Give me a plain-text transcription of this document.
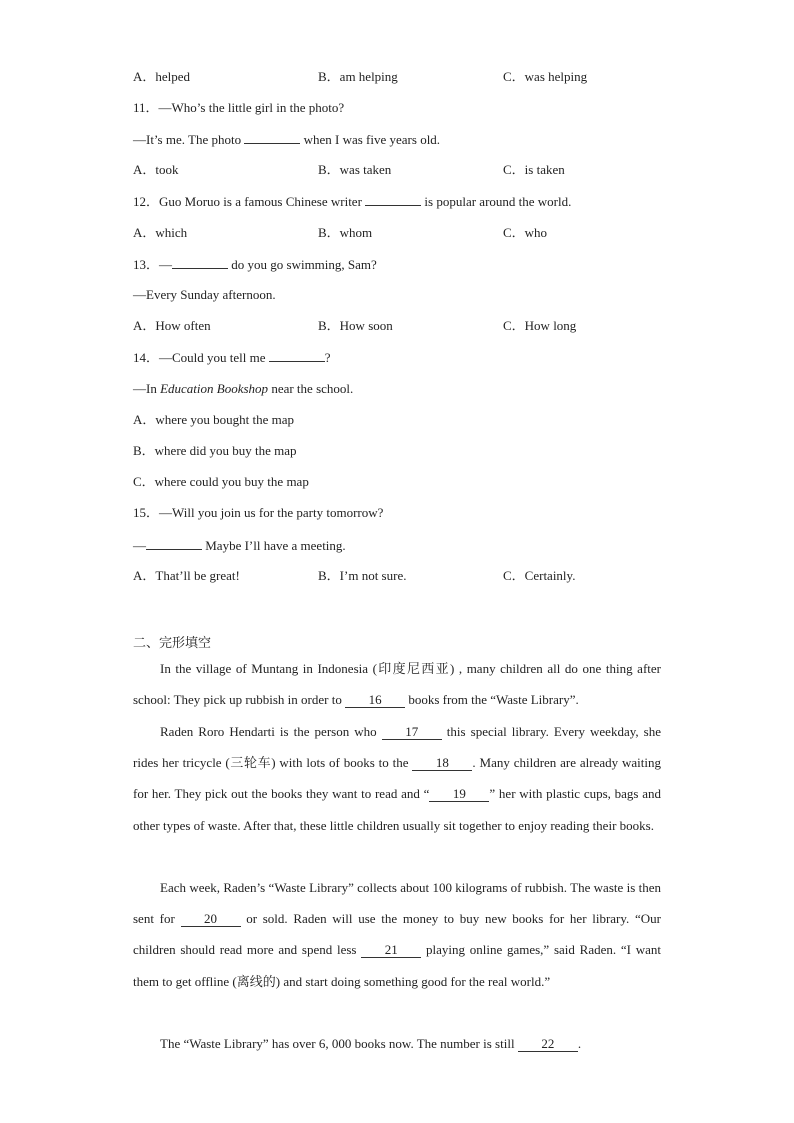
A．helped	B．am helping	C．was helping
11．—Who’s the little girl in the photo?
—It’s me. The photo	when I was five years old.
A．took	B．was taken	C．is taken
12．Guo Moruo is a famous Chinese writer	is popular around the world.
A．which	B．whom	C．who
13．—	do you go swimming, Sam?
—Every Sunday afternoon.
A．How often	B．How soon	C．How long
14．—Could you tell me	?
—In Education Bookshop near the school.
A．where you bought the map
B．where did you buy the map
C．where could you buy the map
15．—Will you join us for the party tomorrow?
—	Maybe I’ll have a meeting.
A．That’ll be great!	B．I’m not sure.	C．Certainly.
二、完形填空
In the village of Muntang in Indonesia (印度尼西亚) , many children all do one thing after school: They pick up rubbish in order to 16 books from the “Waste Library”.
Raden Roro Hendarti is the person who 17 this special library. Every weekday, she rides her tricycle (三轮车) with lots of books to the 18 . Many children are already waiting for her. They pick out the books they want to read and “ 19 ” her with plastic cups, bags and other types of waste. After that, these little children usually sit together to enjoy reading their books.
Each week, Raden’s “Waste Library” collects about 100 kilograms of rubbish. The waste is then sent for 20 or sold. Raden will use the money to buy new books for her library. “Our children should read more and spend less 21 playing online games,” said Raden. “I want them to get offline (离线的) and start doing something good for the real world.”
The “Waste Library” has over 6, 000 books now. The number is still 22 .
